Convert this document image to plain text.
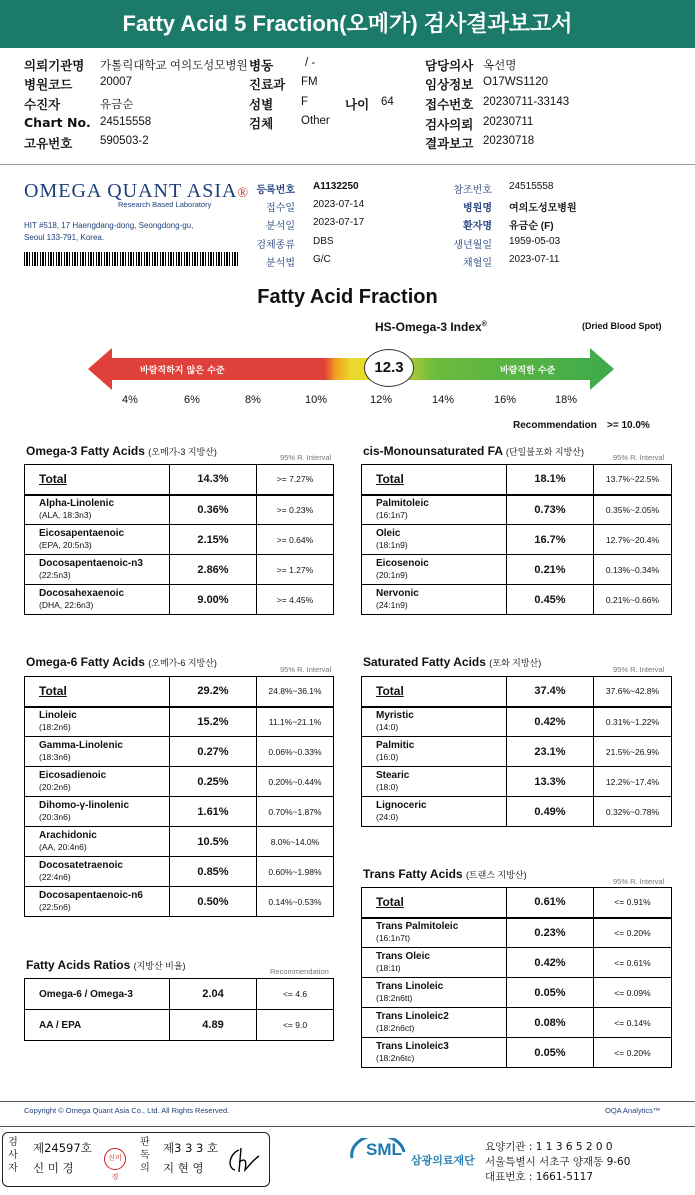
Fatty Acid 5 Fraction(오메가) 검사결과보고서
의뢰기관명 가톨릭대학교 여의도성모병원 병동	/ -	담당의사 옥선명
병원코드 20007	진료과 FM	임상정보 O17WS1120
수진자	유금순	성별 F	나이 64 접수번호 20230711-33143
Chart No. 24515558	검체 Other	검사의뢰 20230711
고유번호 590503-2	결과보고 20230718
OMEGA QUANT ASIA®
Research Based Laboratory
HIT #518, 17 Haengdang-dong, Seongdong-gu,
Seoul 133-791, Korea.
등록번호 A1132250	참조번호 24515558
접수일 2023-07-14	병원명 여의도성모병원
분석일 2023-07-17	환자명 유금순 (F)
검체종류 DBS	생년월일 1959-05-03
분석법 G/C	채혈일 2023-07-11
Fatty Acid Fraction
HS-Omega-3 Index®	(Dried Blood Spot)
바람직하지 않은 수준	바람직한 수준
12.3
4%	6%	8%	10%	12%	14%	16%	18%
Recommendation >= 10.0%
Omega-3 Fatty Acids (오메가-3 지방산)
95% R. Interval	cis-Monounsaturated FA (단일불포화 지방산)
95% R. Interval
Total	14.3%	>= 7.27%

Alpha-Linolenic
(ALA, 18:3n3)	0.36%	>= 0.23%

Eicosapentaenoic
(EPA, 20:5n3)	2.15%	>= 0.64%

Docosapentaenoic-n3
(22:5n3)	2.86%	>= 1.27%

Docosahexaenoic
(DHA, 22:6n3)	9.00%	>= 4.45%
Total	18.1%	13.7%~22.5%

Palmitoleic
(16:1n7)	0.73%	0.35%~2.05%

Oleic
(18:1n9)	16.7%	12.7%~20.4%

Eicosenoic
(20:1n9)	0.21%	0.13%~0.34%

Nervonic
(24:1n9)	0.45%	0.21%~0.66%
Omega-6 Fatty Acids (오메가-6 지방산)
95% R. Interval
Saturated Fatty Acids (포화 지방산)
95% R. Interval
Total	29.2%	24.8%~36.1%

Linoleic
(18:2n6)	15.2%	11.1%~21.1%

Gamma-Linolenic
(18:3n6)	0.27%	0.06%~0.33%

Eicosadienoic
(20:2n6)	0.25%	0.20%~0.44%

Dihomo-γ-linolenic
(20:3n6)	1.61%	0.70%~1.87%

Arachidonic
(AA, 20:4n6)	10.5%	8.0%~14.0%

Docosatetraenoic
(22:4n6)	0.85%	0.60%~1.98%

Docosapentaenoic-n6
(22:5n6)	0.50%	0.14%~0.53%
Total	37.4%	37.6%~42.8%

Myristic
(14:0)	0.42%	0.31%~1.22%

Palmitic
(16:0)	23.1%	21.5%~26.9%

Stearic
(18:0)	13.3%	12.2%~17.4%

Lignoceric
(24:0)	0.49%	0.32%~0.78%
Trans Fatty Acids (트랜스 지방산)
95% R. Interval
Total	0.61%	<= 0.91%

Trans Palmitoleic
(16:1n7t)	0.23%	<= 0.20%

Trans Oleic
(18:1t)	0.42%	<= 0.61%

Trans Linoleic
(18:2n6tt)	0.05%	<= 0.09%

Trans Linoleic2
(18:2n6ct)	0.08%	<= 0.14%

Trans Linoleic3
(18:2n6tc)	0.05%	<= 0.20%
Fatty Acids Ratios (지방산 비율)
Recommendation
Omega-6 / Omega-3	2.04	<= 4.6
AA / EPA	4.89	<= 9.0
Copyright © Omega Quant Asia Co., Ltd. All Rights Reserved.	OQA Analytics™
검사자
제24597호
신 미 경
신미경
판독의
제3 3 3 호
지 현 영
SML
삼광의료재단
요양기관 : 1 1 3 6 5 2 0 0
서울특별시 서초구 양재동 9-60
대표번호 : 1661-5117
